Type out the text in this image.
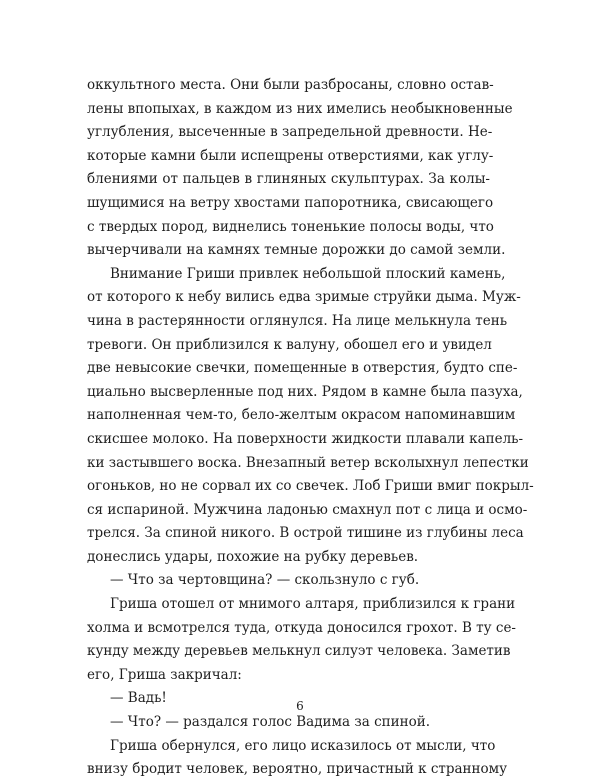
оккультного места. Они были разбросаны, словно остав-
лены впопыхах, в каждом из них имелись необыкновенные
углубления, высеченные в запредельной древности. Не-
которые камни были испещрены отверстиями, как углу-
блениями от пальцев в глиняных скульптурах. За колы-
шущимися на ветру хвостами папоротника, свисающего
с твердых пород, виднелись тоненькие полосы воды, что
вычерчивали на камнях темные дорожки до самой земли.
Внимание Гриши привлек небольшой плоский камень,
от которого к небу вились едва зримые струйки дыма. Муж-
чина в растерянности оглянулся. На лице мелькнула тень
тревоги. Он приблизился к валуну, обошел его и увидел
две невысокие свечки, помещенные в отверстия, будто спе-
циально высверленные под них. Рядом в камне была пазуха,
наполненная чем-то, бело-желтым окрасом напоминавшим
скисшее молоко. На поверхности жидкости плавали капель-
ки застывшего воска. Внезапный ветер всколыхнул лепестки
огоньков, но не сорвал их со свечек. Лоб Гриши вмиг покрыл-
ся испариной. Мужчина ладонью смахнул пот с лица и осмо-
трелся. За спиной никого. В острой тишине из глубины леса
донеслись удары, похожие на рубку деревьев.
— Что за чертовщина? — скользнуло с губ.
Гриша отошел от мнимого алтаря, приблизился к грани
холма и всмотрелся туда, откуда доносился грохот. В ту се-
кунду между деревьев мелькнул силуэт человека. Заметив
его, Гриша закричал:
— Вадь!
— Что? — раздался голос Вадима за спиной.
Гриша обернулся, его лицо исказилось от мысли, что
внизу бродит человек, вероятно, причастный к странному
6
